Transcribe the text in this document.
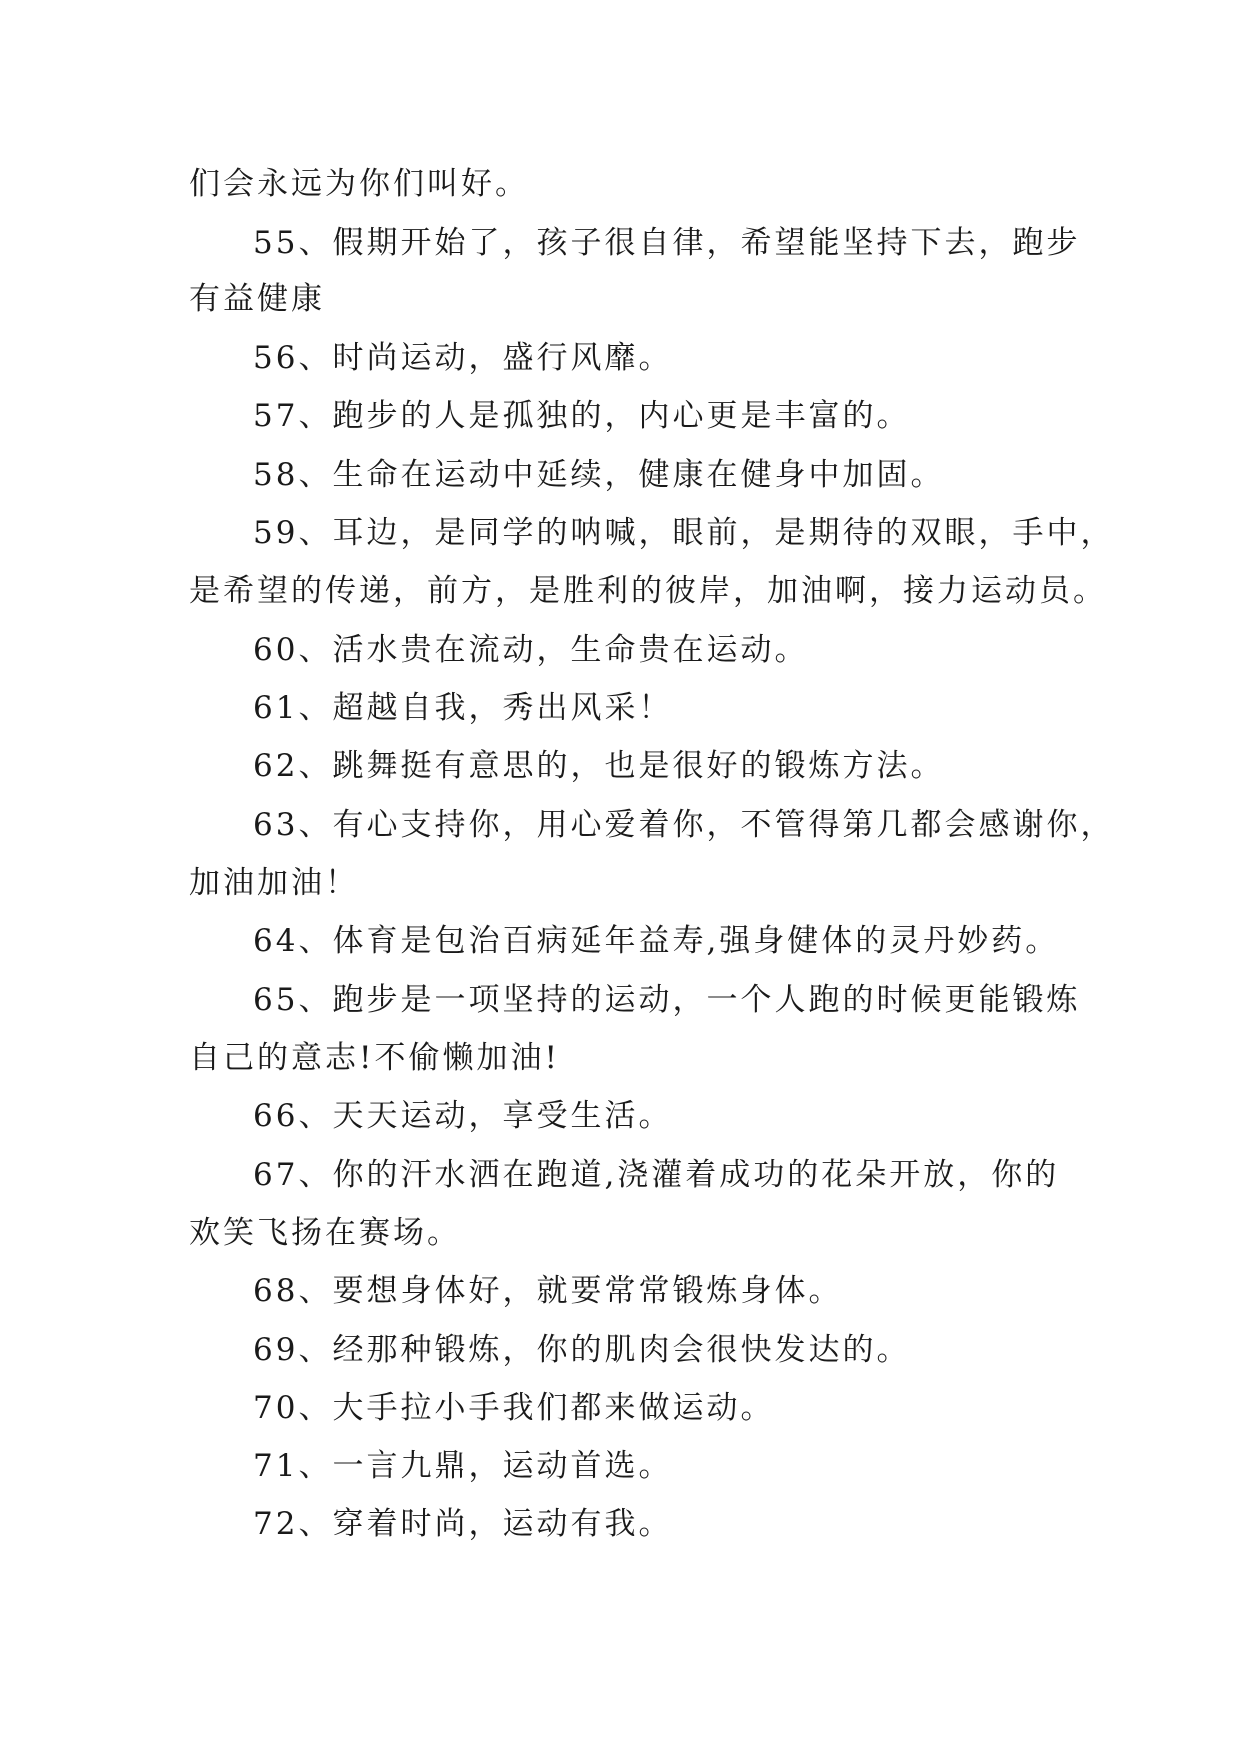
们会永远为你们叫好。
55、假期开始了，孩子很自律，希望能坚持下去，跑步
有益健康
56、时尚运动，盛行风靡。
57、跑步的人是孤独的，内心更是丰富的。
58、生命在运动中延续，健康在健身中加固。
59、耳边，是同学的呐喊，眼前，是期待的双眼，手中，
是希望的传递，前方，是胜利的彼岸，加油啊，接力运动员。
60、活水贵在流动，生命贵在运动。
61、超越自我，秀出风采！
62、跳舞挺有意思的，也是很好的锻炼方法。
63、有心支持你，用心爱着你，不管得第几都会感谢你，
加油加油！
64、体育是包治百病延年益寿,强身健体的灵丹妙药。
65、跑步是一项坚持的运动，一个人跑的时候更能锻炼
自己的意志!不偷懒加油!
66、天天运动，享受生活。
67、你的汗水洒在跑道,浇灌着成功的花朵开放，你的
欢笑飞扬在赛场。
68、要想身体好，就要常常锻炼身体。
69、经那种锻炼，你的肌肉会很快发达的。
70、大手拉小手我们都来做运动。
71、一言九鼎，运动首选。
72、穿着时尚，运动有我。
